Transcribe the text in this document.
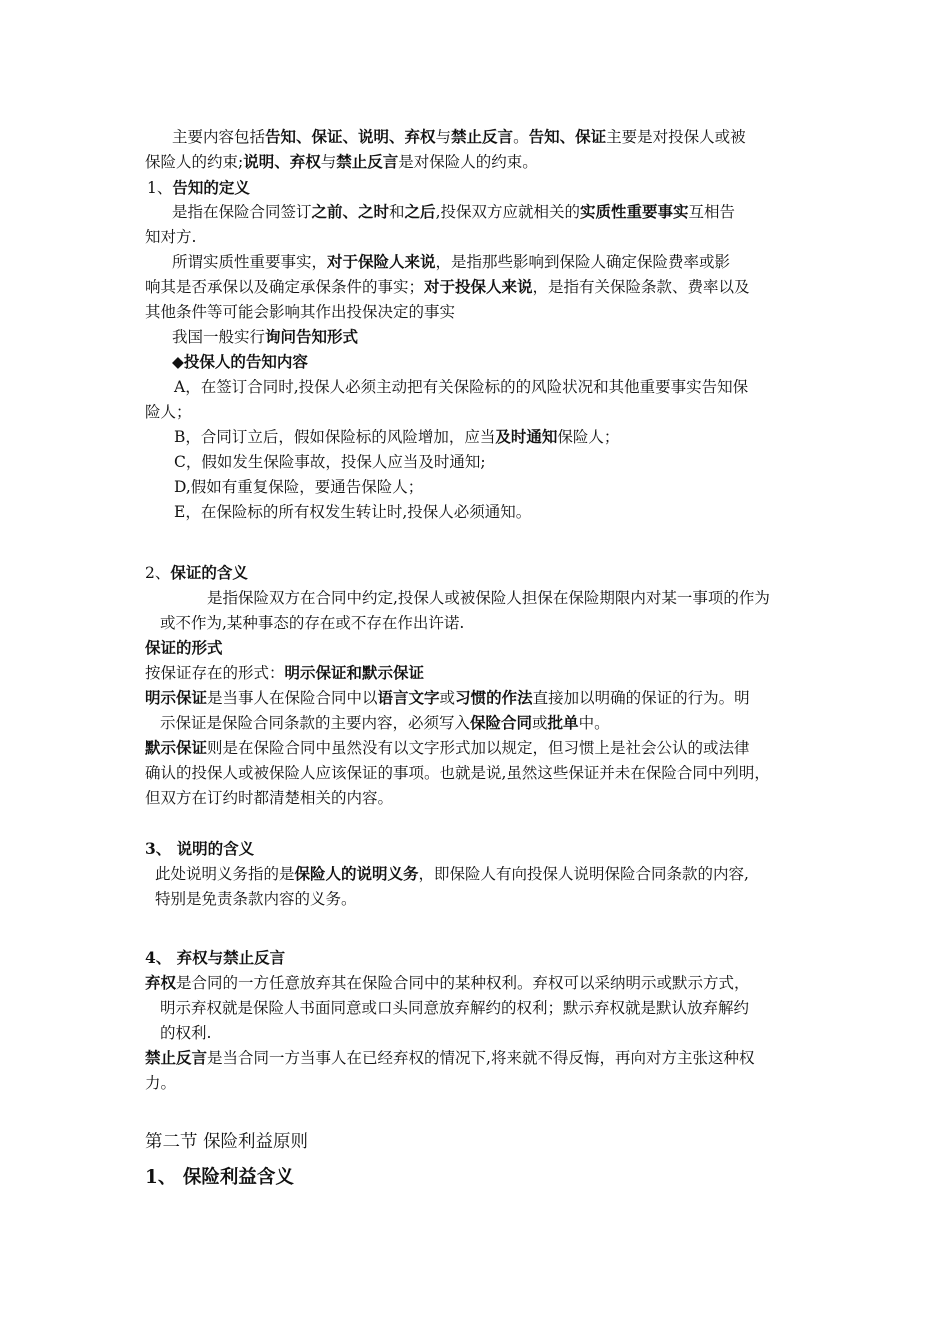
主要内容包括告知、保证、说明、弃权与禁止反言。告知、保证主要是对投保人或被
保险人的约束;说明、弃权与禁止反言是对保险人的约束。
1、告知的定义
是指在保险合同签订之前、之时和之后,投保双方应就相关的实质性重要事实互相告
知对方.
所谓实质性重要事实，对于保险人来说，是指那些影响到保险人确定保险费率或影
响其是否承保以及确定承保条件的事实；对于投保人来说，是指有关保险条款、费率以及
其他条件等可能会影响其作出投保决定的事实
我国一般实行询问告知形式
◆投保人的告知内容
A，在签订合同时,投保人必须主动把有关保险标的的风险状况和其他重要事实告知保
险人；
B，合同订立后，假如保险标的风险增加，应当及时通知保险人；
C，假如发生保险事故，投保人应当及时通知;
D,假如有重复保险，要通告保险人；
E，在保险标的所有权发生转让时,投保人必须通知。
2、保证的含义
是指保险双方在合同中约定,投保人或被保险人担保在保险期限内对某一事项的作为
或不作为,某种事态的存在或不存在作出许诺.
保证的形式
按保证存在的形式：明示保证和默示保证
明示保证是当事人在保险合同中以语言文字或习惯的作法直接加以明确的保证的行为。明
示保证是保险合同条款的主要内容，必须写入保险合同或批单中。
默示保证则是在保险合同中虽然没有以文字形式加以规定，但习惯上是社会公认的或法律
确认的投保人或被保险人应该保证的事项。也就是说,虽然这些保证并未在保险合同中列明，
但双方在订约时都清楚相关的内容。
3、 说明的含义
此处说明义务指的是保险人的说明义务，即保险人有向投保人说明保险合同条款的内容,
特别是免责条款内容的义务。
4、 弃权与禁止反言
弃权是合同的一方任意放弃其在保险合同中的某种权利。弃权可以采纳明示或默示方式，
明示弃权就是保险人书面同意或口头同意放弃解约的权利；默示弃权就是默认放弃解约
的权利.
禁止反言是当合同一方当事人在已经弃权的情况下,将来就不得反悔，再向对方主张这种权
力。
第二节 保险利益原则
1、 保险利益含义
